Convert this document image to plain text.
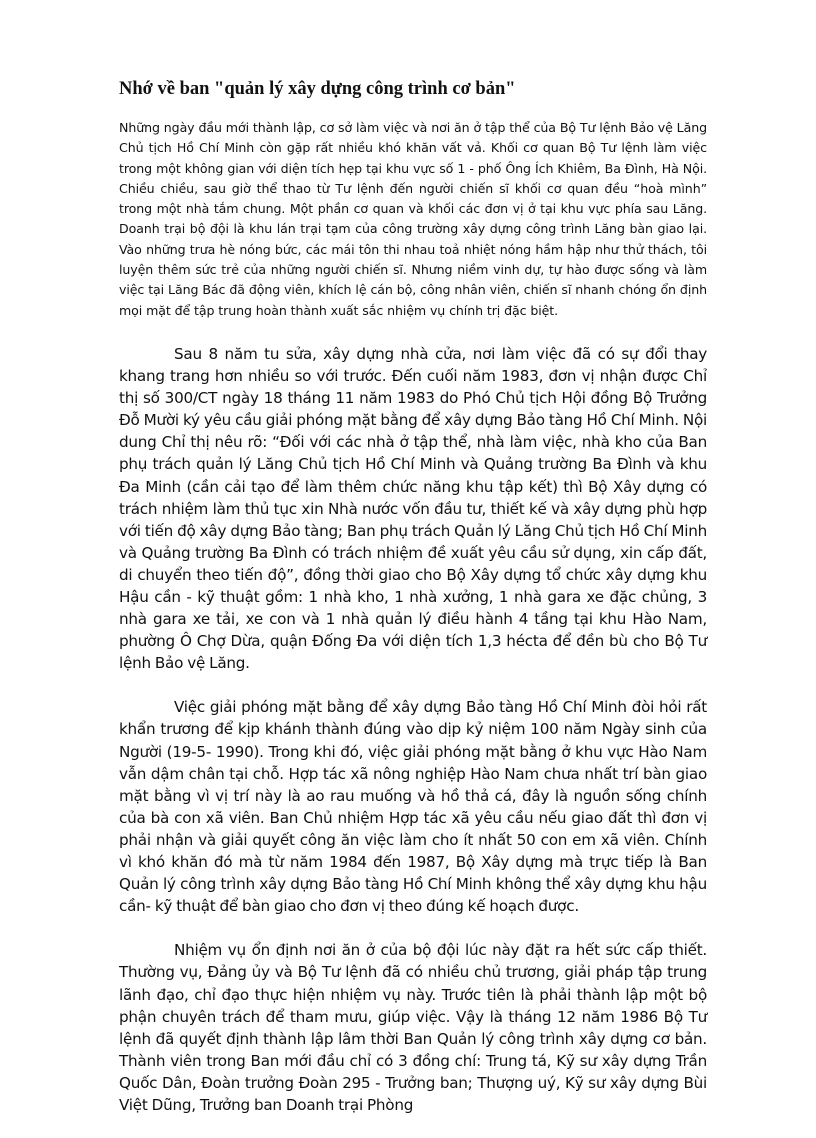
Nhớ về ban "quản lý xây dựng công trình cơ bản"

Những ngày đầu mới thành lập, cơ sở làm việc và nơi ăn ở tập thể của Bộ Tư lệnh Bảo vệ Lăng Chủ tịch Hồ Chí Minh còn gặp rất nhiều khó khăn vất vả. Khối cơ quan Bộ Tư lệnh làm việc trong một không gian với diện tích hẹp tại khu vực số 1 - phố Ông Ích Khiêm, Ba Đình, Hà Nội. Chiều chiều, sau giờ thể thao từ Tư lệnh đến người chiến sĩ khối cơ quan đều “hoà mình” trong một nhà tắm chung. Một phần cơ quan và khối các đơn vị ở tại khu vực phía sau Lăng. Doanh trại bộ đội là khu lán trại tạm của công trường xây dựng công trình Lăng bàn giao lại. Vào những trưa hè nóng bức, các mái tôn thi nhau toả nhiệt nóng hầm hập như thử thách, tôi luyện thêm sức trẻ của những người chiến sĩ. Nhưng niềm vinh dự, tự hào được sống và làm việc tại Lăng Bác đã động viên, khích lệ cán bộ, công nhân viên, chiến sĩ nhanh chóng ổn định mọi mặt để tập trung hoàn thành xuất sắc nhiệm vụ chính trị đặc biệt.

Sau 8 năm tu sửa, xây dựng nhà cửa, nơi làm việc đã có sự đổi thay khang trang hơn nhiều so với trước. Đến cuối năm 1983, đơn vị nhận được Chỉ thị số 300/CT ngày 18 tháng 11 năm 1983 do Phó Chủ tịch Hội đồng Bộ Trưởng Đỗ Mười ký yêu cầu giải phóng mặt bằng để xây dựng Bảo tàng Hồ Chí Minh. Nội dung Chỉ thị nêu rõ: “Đối với các nhà ở tập thể, nhà làm việc, nhà kho của Ban phụ trách quản lý Lăng Chủ tịch Hồ Chí Minh và Quảng trường Ba Đình và khu Đa Minh (cần cải tạo để làm thêm chức năng khu tập kết) thì Bộ Xây dựng có trách nhiệm làm thủ tục xin Nhà nước vốn đầu tư, thiết kế và xây dựng phù hợp với tiến độ xây dựng Bảo tàng; Ban phụ trách Quản lý Lăng Chủ tịch Hồ Chí Minh và Quảng trường Ba Đình có trách nhiệm đề xuất yêu cầu sử dụng, xin cấp đất, di chuyển theo tiến độ”, đồng thời giao cho Bộ Xây dựng tổ chức xây dựng khu Hậu cần - kỹ thuật gồm: 1 nhà kho, 1 nhà xưởng, 1 nhà gara xe đặc chủng, 3 nhà gara xe tải, xe con và 1 nhà quản lý điều hành 4 tầng tại khu Hào Nam, phường Ô Chợ Dừa, quận Đống Đa với diện tích 1,3 hécta để đền bù cho Bộ Tư lệnh Bảo vệ Lăng.

Việc giải phóng mặt bằng để xây dựng Bảo tàng Hồ Chí Minh đòi hỏi rất khẩn trương để kịp khánh thành đúng vào dịp kỷ niệm 100 năm Ngày sinh của Người (19-5- 1990). Trong khi đó, việc giải phóng mặt bằng ở khu vực Hào Nam vẫn dậm chân tại chỗ. Hợp tác xã nông nghiệp Hào Nam chưa nhất trí bàn giao mặt bằng vì vị trí này là ao rau muống và hồ thả cá, đây là nguồn sống chính của bà con xã viên. Ban Chủ nhiệm Hợp tác xã yêu cầu nếu giao đất thì đơn vị phải nhận và giải quyết công ăn việc làm cho ít nhất 50 con em xã viên. Chính vì khó khăn đó mà từ năm 1984 đến 1987, Bộ Xây dựng mà trực tiếp là Ban Quản lý công trình xây dựng Bảo tàng Hồ Chí Minh không thể xây dựng khu hậu cần- kỹ thuật để bàn giao cho đơn vị theo đúng kế hoạch được.

Nhiệm vụ ổn định nơi ăn ở của bộ đội lúc này đặt ra hết sức cấp thiết. Thường vụ, Đảng ủy và Bộ Tư lệnh đã có nhiều chủ trương, giải pháp tập trung lãnh đạo, chỉ đạo thực hiện nhiệm vụ này. Trước tiên là phải thành lập một bộ phận chuyên trách để tham mưu, giúp việc. Vậy là tháng 12 năm 1986 Bộ Tư lệnh đã quyết định thành lập lâm thời Ban Quản lý công trình xây dựng cơ bản. Thành viên trong Ban mới đầu chỉ có 3 đồng chí: Trung tá, Kỹ sư xây dựng Trần Quốc Dân, Đoàn trưởng Đoàn 295 - Trưởng ban; Thượng uý, Kỹ sư xây dựng Bùi Việt Dũng, Trưởng ban Doanh trại Phòng
